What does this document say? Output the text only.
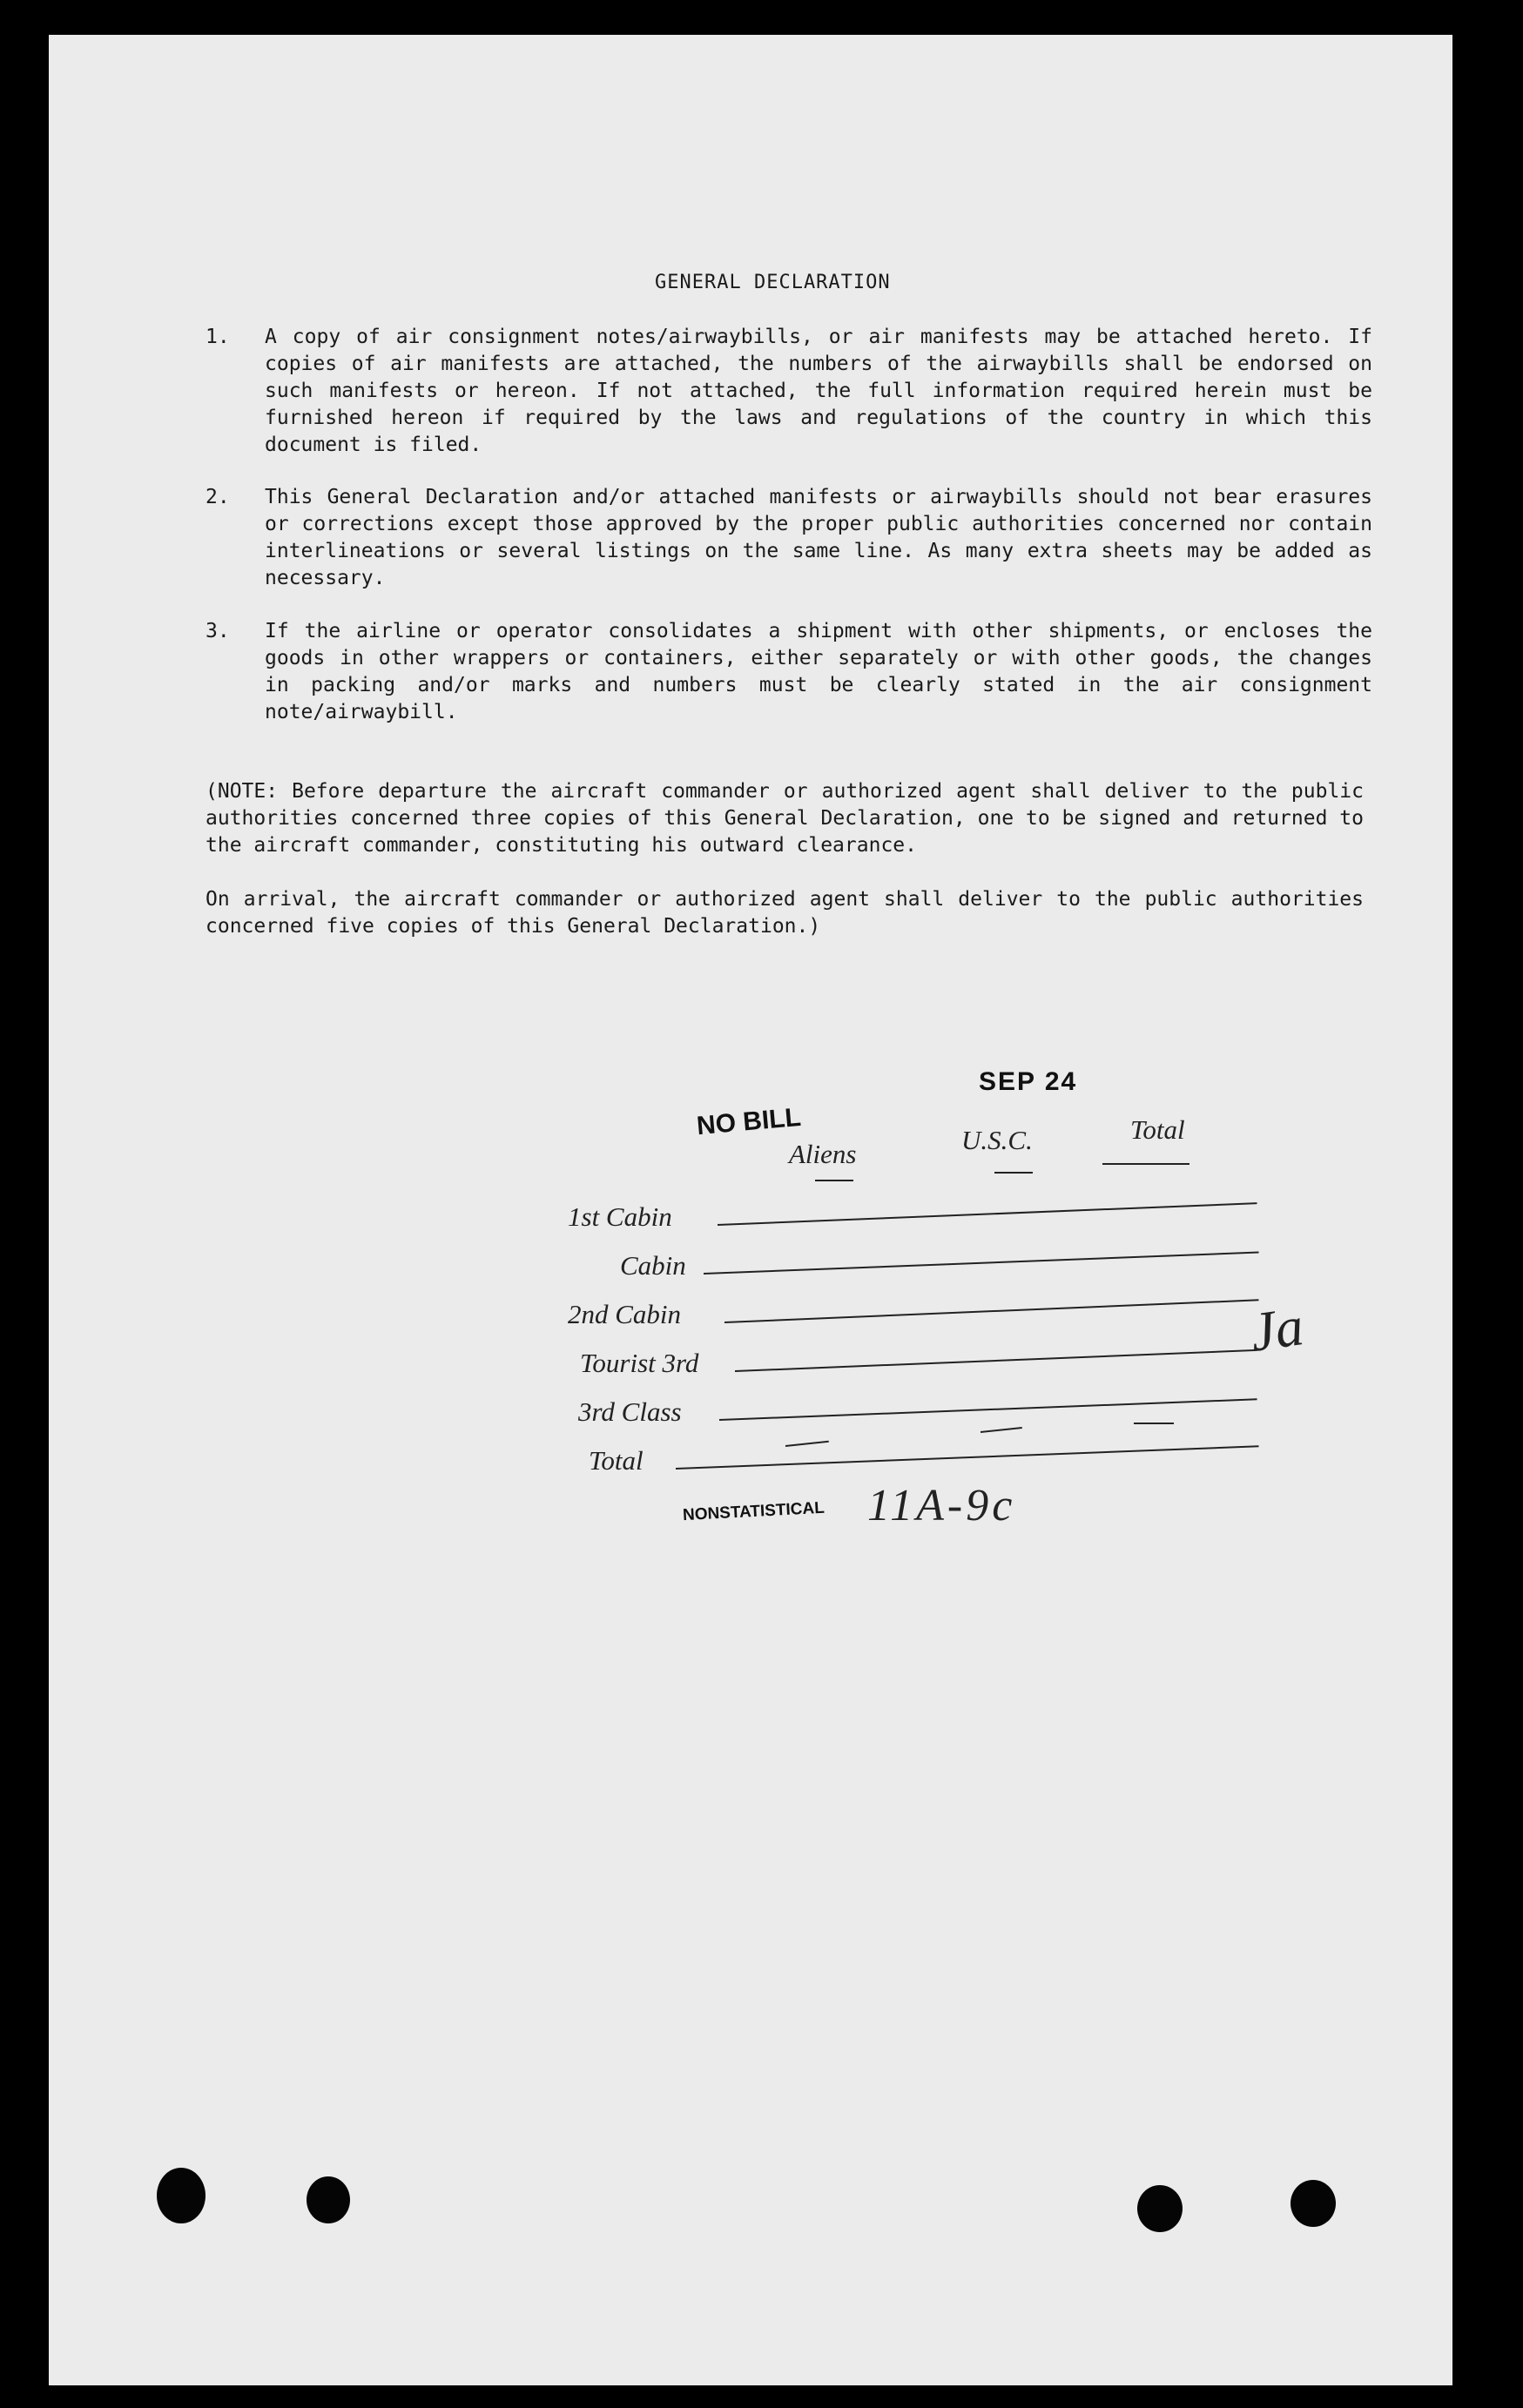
GENERAL DECLARATION
1.	A copy of air consignment notes/airwaybills, or air manifests may be attached hereto. If copies of air manifests are attached, the numbers of the airwaybills shall be endorsed on such manifests or hereon. If not attached, the full information required herein must be furnished hereon if required by the laws and regulations of the country in which this document is filed.
2.	This General Declaration and/or attached manifests or airwaybills should not bear erasures or corrections except those approved by the proper public authorities concerned nor contain interlineations or several listings on the same line. As many extra sheets may be added as necessary.
3.	If the airline or operator consolidates a shipment with other shipments, or encloses the goods in other wrappers or containers, either separately or with other goods, the changes in packing and/or marks and numbers must be clearly stated in the air consignment note/airwaybill.
(NOTE: Before departure the aircraft commander or authorized agent shall deliver to the public authorities concerned three copies of this General Declaration, one to be signed and returned to the aircraft commander, constituting his outward clearance.
On arrival, the aircraft commander or authorized agent shall deliver to the public authorities concerned five copies of this General Declaration.)
NO BILL
SEP 24
NONSTATISTICAL 11A-9c
Ja
Aliens	U.S.C.	Total
1st Cabin
Cabin
2nd Cabin
Tourist 3rd
3rd Class
Total
